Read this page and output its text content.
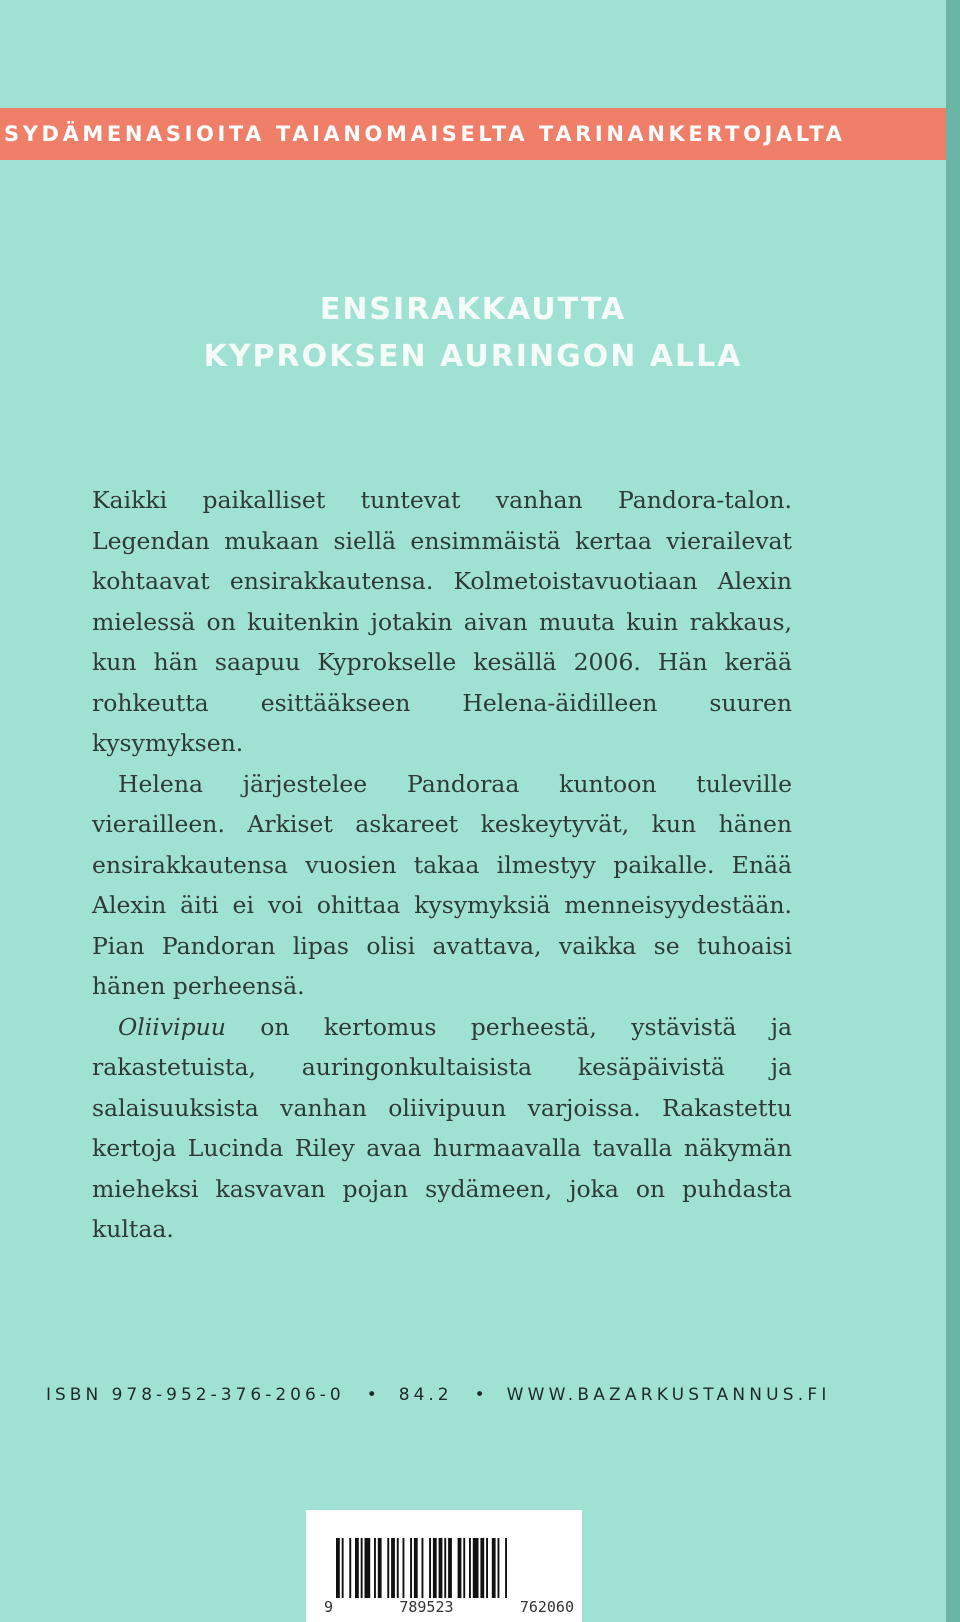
SYDÄMENASIOITA TAIANOMAISELTA TARINANKERTOJALTA
ENSIRAKKAUTTA
KYPROKSEN AURINGON ALLA

Kaikki paikalliset tuntevat vanhan Pandora-talon. Legendan mukaan siellä ensimmäistä kertaa vierailevat kohtaavat ensirakkautensa. Kolmetoistavuotiaan Alexin mielessä on kuitenkin jotakin aivan muuta kuin rakkaus, kun hän saapuu Kyprokselle kesällä 2006. Hän kerää rohkeutta esittääkseen Helena-äidilleen suuren kysymyksen.

Helena järjestelee Pandoraa kuntoon tuleville vierailleen. Arkiset askareet keskeytyvät, kun hänen ensirakkautensa vuosien takaa ilmestyy paikalle. Enää Alexin äiti ei voi ohittaa kysymyksiä menneisyydestään. Pian Pandoran lipas olisi avattava, vaikka se tuhoaisi hänen perheensä.

Oliivipuu on kertomus perheestä, ystävistä ja rakastetuista, auringonkultaisista kesäpäivistä ja salaisuuksista vanhan oliivipuun varjoissa. Rakastettu kertoja Lucinda Riley avaa hurmaavalla tavalla näkymän mieheksi kasvavan pojan sydämeen, joka on puhdasta kultaa.

ISBN 978-952-376-206-0 • 84.2 • WWW.BAZARKUSTANNUS.FI
9	789523	762060
